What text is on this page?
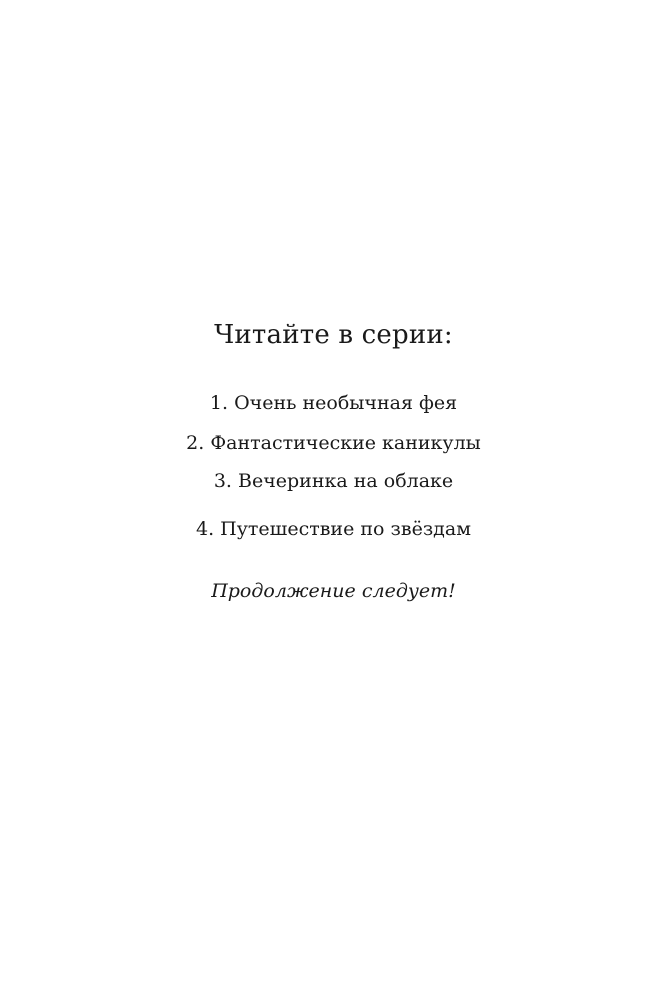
Читайте в серии:
1. Очень необычная фея
2. Фантастические каникулы
3. Вечеринка на облаке
4. Путешествие по звёздам
Продолжение следует!
